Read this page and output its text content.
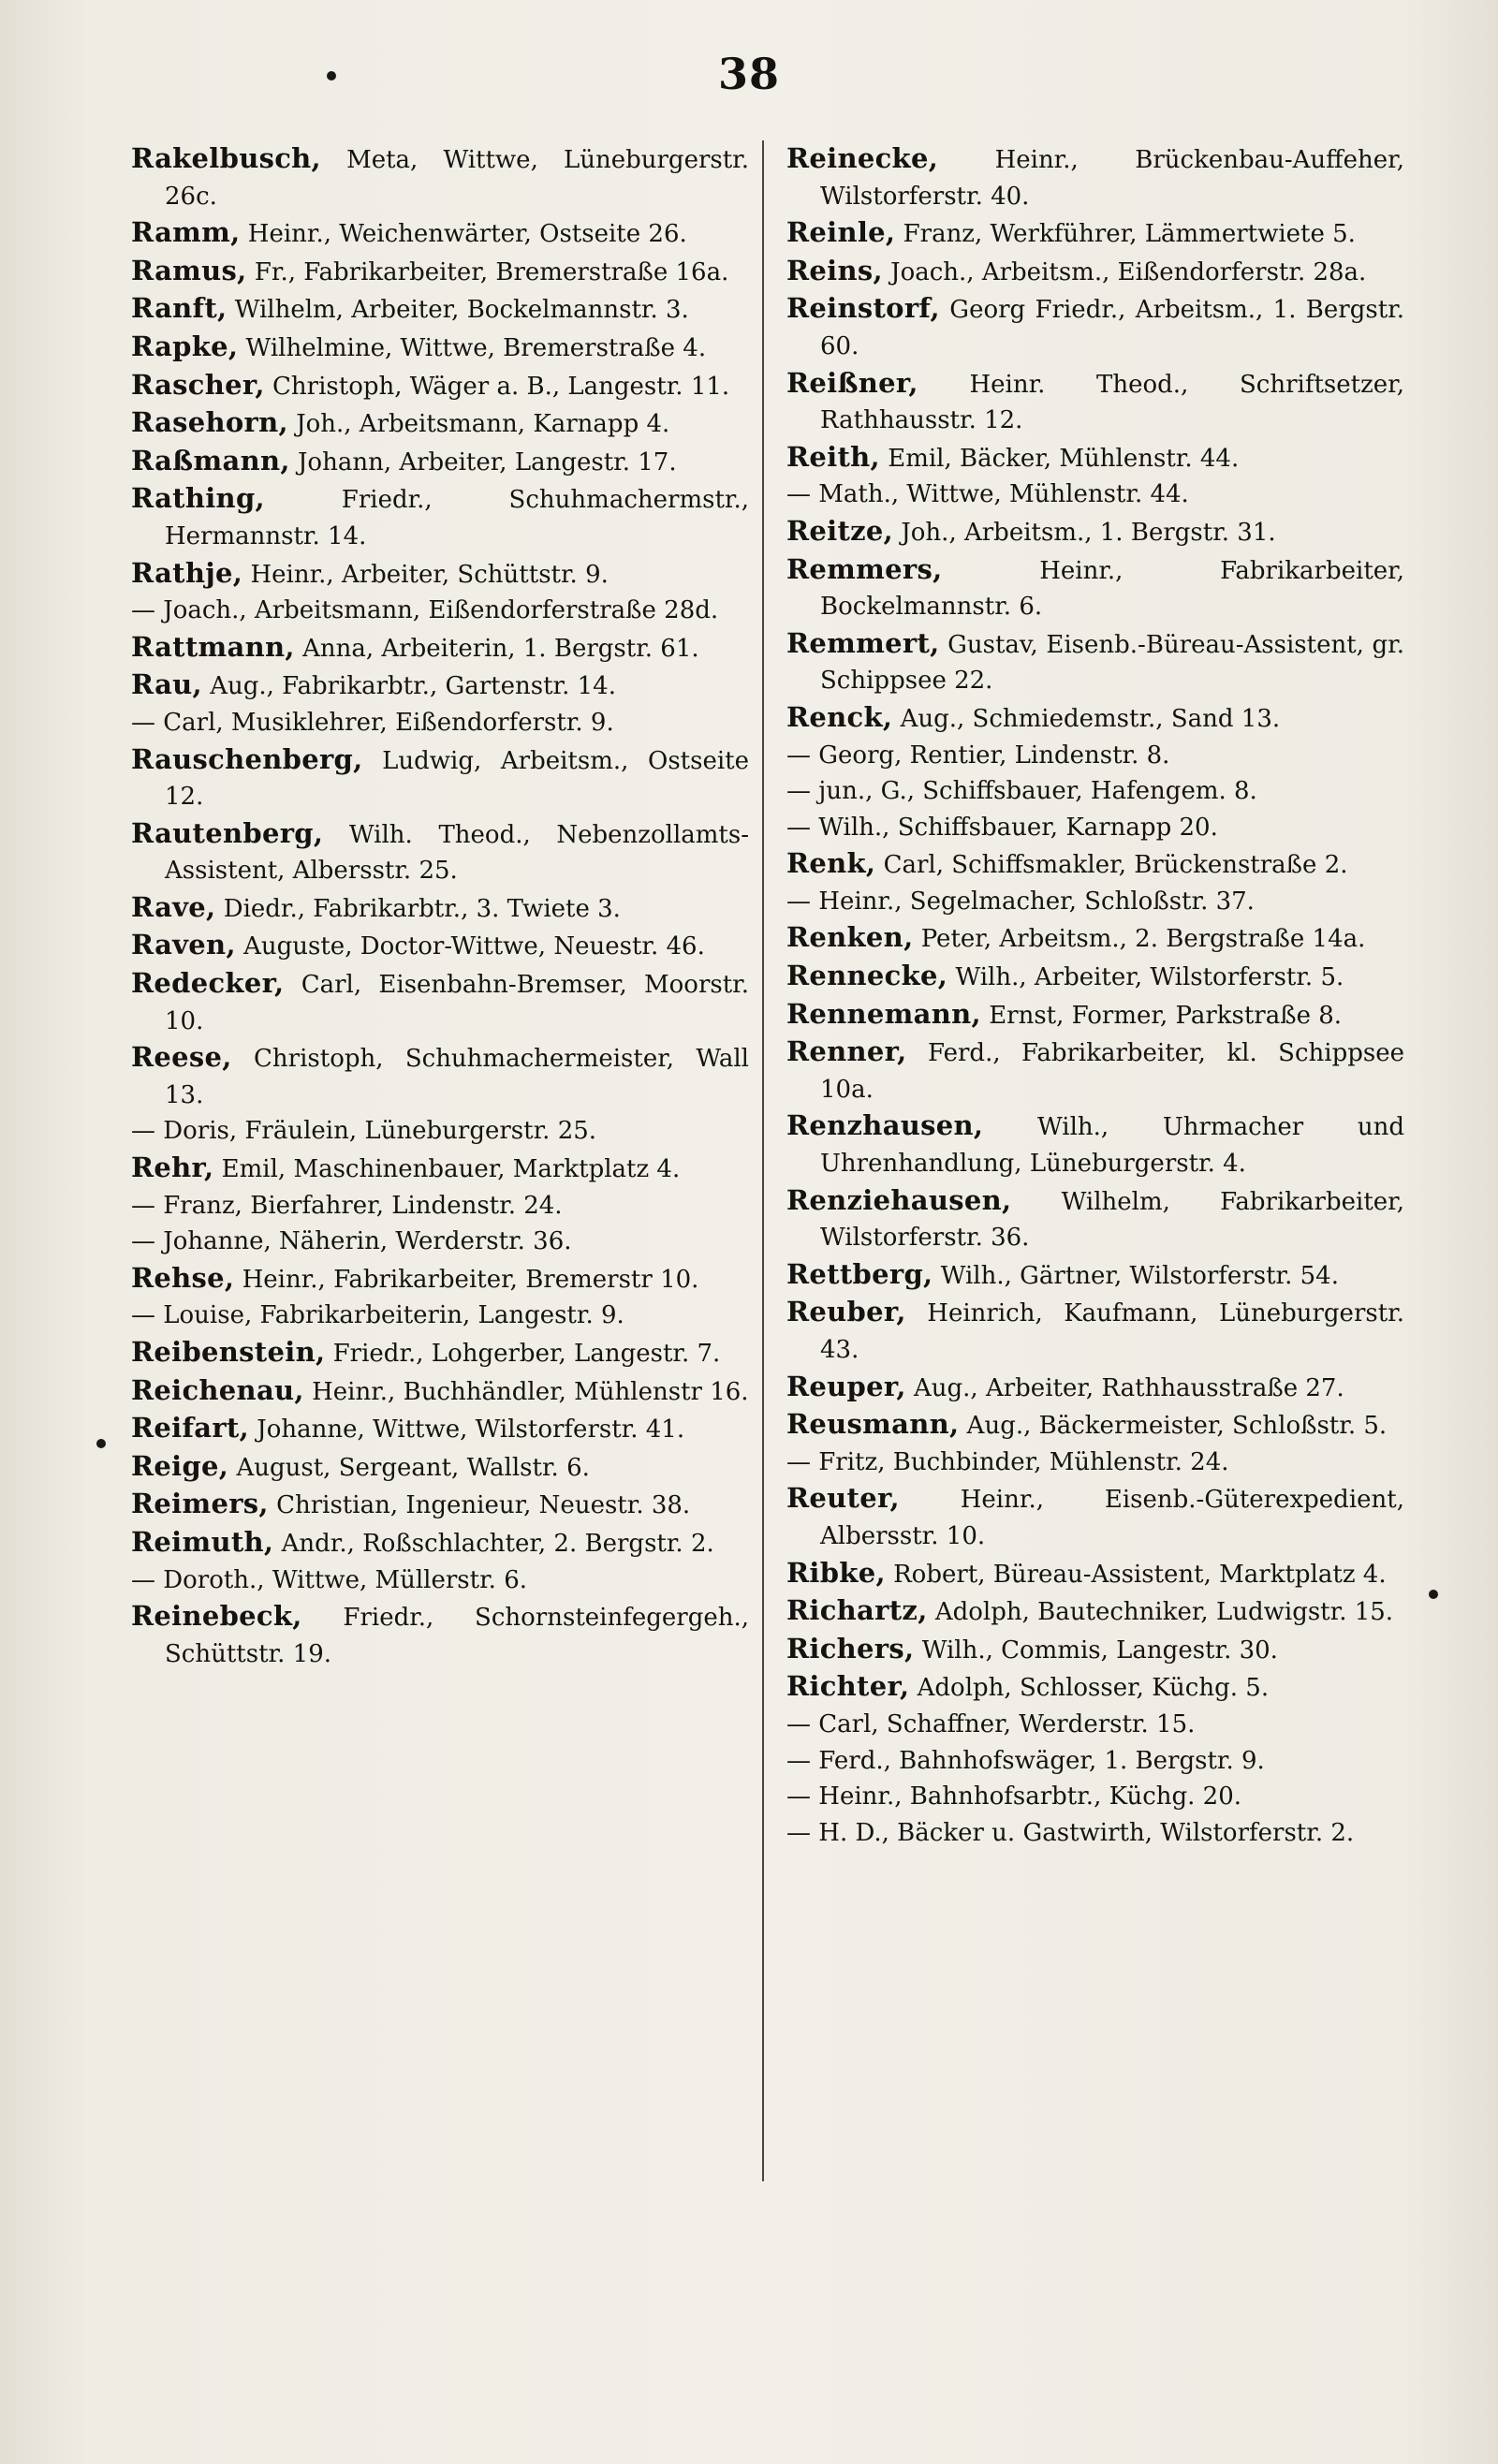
38
Rakelbusch, Meta, Wittwe, Lüneburgerstr. 26c.
Ramm, Heinr., Weichenwärter, Ostseite 26.
Ramus, Fr., Fabrikarbeiter, Bremerstraße 16a.
Ranft, Wilhelm, Arbeiter, Bockelmannstr. 3.
Rapke, Wilhelmine, Wittwe, Bremerstraße 4.
Rascher, Christoph, Wäger a. B., Langestr. 11.
Rasehorn, Joh., Arbeitsmann, Karnapp 4.
Raßmann, Johann, Arbeiter, Langestr. 17.
Rathing,	Friedr., Schuhmachermstr., Hermannstr. 14.
Rathje, Heinr., Arbeiter, Schüttstr. 9.
— Joach., Arbeitsmann, Eißendorferstraße 28d.
Rattmann, Anna, Arbeiterin, 1. Bergstr. 61.
Rau, Aug., Fabrikarbtr., Gartenstr. 14.
— Carl, Musiklehrer, Eißendorferstr. 9.
Rauschenberg, Ludwig, Arbeitsm., Ostseite 12.
Rautenberg, Wilh. Theod., Nebenzollamts-Assistent, Albersstr. 25.
Rave, Diedr., Fabrikarbtr., 3. Twiete 3.
Raven, Auguste, Doctor-Wittwe, Neuestr. 46.
Redecker, Carl, Eisenbahn-Bremser, Moorstr. 10.
Reese, Christoph, Schuhmachermeister, Wall 13.
— Doris, Fräulein, Lüneburgerstr. 25.
Rehr, Emil, Maschinenbauer, Marktplatz 4.
— Franz, Bierfahrer, Lindenstr. 24.
— Johanne, Näherin, Werderstr. 36.
Rehse, Heinr., Fabrikarbeiter, Bremerstr 10.
— Louise, Fabrikarbeiterin, Langestr. 9.
Reibenstein, Friedr., Lohgerber, Langestr. 7.
Reichenau, Heinr., Buchhändler, Mühlenstr 16.
Reifart, Johanne, Wittwe, Wilstorferstr. 41.
Reige, August, Sergeant, Wallstr. 6.
Reimers, Christian, Ingenieur, Neuestr. 38.
Reimuth, Andr., Roßschlachter, 2. Bergstr. 2.
— Doroth., Wittwe, Müllerstr. 6.
Reinebeck, Friedr., Schornsteinfegergeh., Schüttstr. 19.
Reinecke, Heinr., Brückenbau-Auffeher, Wilstorferstr. 40.
Reinle, Franz, Werkführer, Lämmertwiete 5.
Reins, Joach., Arbeitsm., Eißendorferstr. 28a.
Reinstorf, Georg Friedr., Arbeitsm., 1. Bergstr. 60.
Reißner, Heinr. Theod., Schriftsetzer, Rathhausstr. 12.
Reith, Emil, Bäcker, Mühlenstr. 44.
— Math., Wittwe, Mühlenstr. 44.
Reitze, Joh., Arbeitsm., 1. Bergstr. 31.
Remmers,	Heinr., Fabrikarbeiter, Bockelmannstr. 6.
Remmert, Gustav, Eisenb.-Büreau-Assistent, gr. Schippsee 22.
Renck, Aug., Schmiedemstr., Sand 13.
— Georg, Rentier, Lindenstr. 8.
— jun., G., Schiffsbauer, Hafengem. 8.
— Wilh., Schiffsbauer, Karnapp 20.
Renk, Carl, Schiffsmakler, Brückenstraße 2.
— Heinr., Segelmacher, Schloßstr. 37.
Renken, Peter, Arbeitsm., 2. Bergstraße 14a.
Rennecke, Wilh., Arbeiter, Wilstorferstr. 5.
Rennemann, Ernst, Former, Parkstraße 8.
Renner, Ferd., Fabrikarbeiter, kl. Schippsee 10a.
Renzhausen, Wilh., Uhrmacher und Uhrenhandlung, Lüneburgerstr. 4.
Renziehausen, Wilhelm, Fabrikarbeiter, Wilstorferstr. 36.
Rettberg, Wilh., Gärtner, Wilstorferstr. 54.
Reuber, Heinrich, Kaufmann, Lüneburgerstr. 43.
Reuper, Aug., Arbeiter, Rathhausstraße 27.
Reusmann, Aug., Bäckermeister, Schloßstr. 5.
— Fritz, Buchbinder, Mühlenstr. 24.
Reuter, Heinr., Eisenb.-Güterexpedient, Albersstr. 10.
Ribke, Robert, Büreau-Assistent, Marktplatz 4.
Richartz, Adolph, Bautechniker, Ludwigstr. 15.
Richers, Wilh., Commis, Langestr. 30.
Richter, Adolph, Schlosser, Küchg. 5.
— Carl, Schaffner, Werderstr. 15.
— Ferd., Bahnhofswäger, 1. Bergstr. 9.
— Heinr., Bahnhofsarbtr., Küchg. 20.
— H. D., Bäcker u. Gastwirth, Wilstorferstr. 2.
